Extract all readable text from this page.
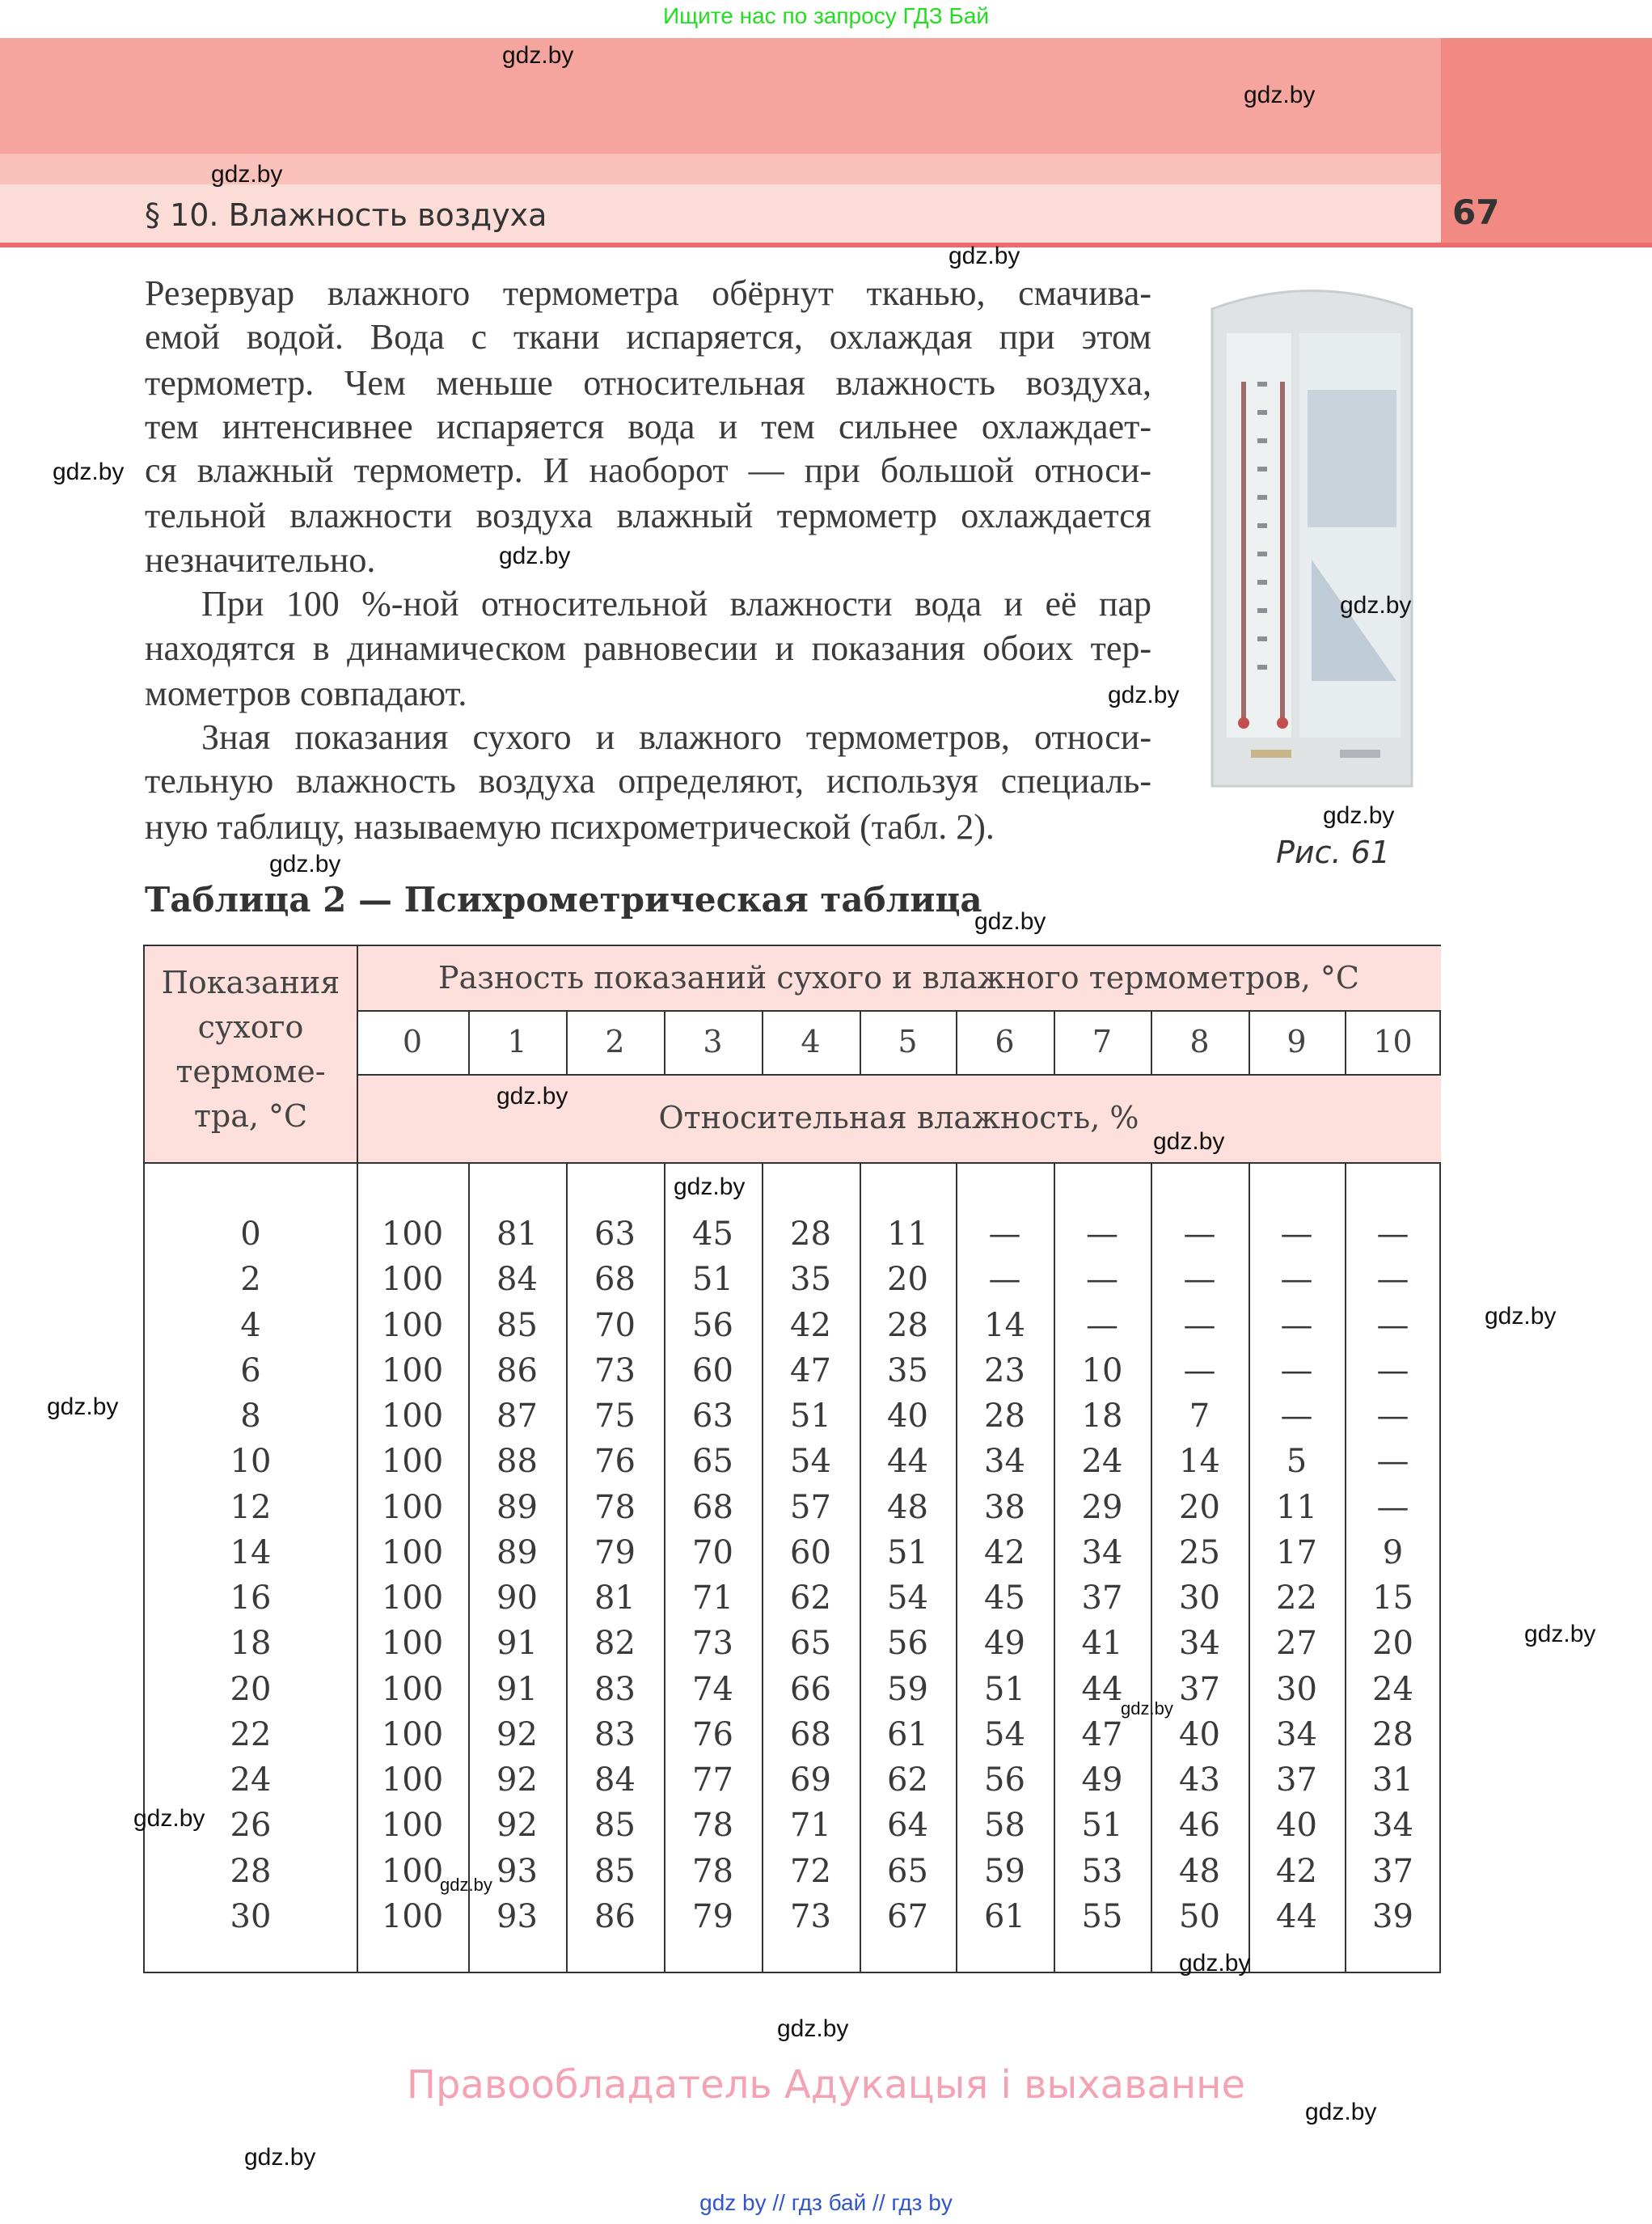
Ищите нас по запросу ГДЗ Бай
§ 10. Влажность воздуха	67
Резервуар влажного термометра обёрнут тканью, смачива-
емой водой. Вода с ткани испаряется, охлаждая при этом
термометр. Чем меньше относительная влажность воздуха,
тем интенсивнее испаряется вода и тем сильнее охлаждает-
ся влажный термометр. И наоборот — при большой относи-
тельной влажности воздуха влажный термометр охлаждается
незначительно.
При 100 %-ной относительной влажности вода и её пар
находятся в динамическом равновесии и показания обоих тер-
мометров совпадают.
Зная показания сухого и влажного термометров, относи-
тельную влажность воздуха определяют, используя специаль-
ную таблицу, называемую психрометрической (табл. 2).
Рис. 61
Таблица 2 — Психрометрическая таблица
Показания
сухого
термоме-
тра, °С
Разность показаний сухого и влажного термометров, °С
0	1	2	3	4	5	6	7	8	9	10
Относительная влажность, %
0	100	81	63	45	28	11	—	—	—	—	—
2	100	84	68	51	35	20	—	—	—	—	—
4	100	85	70	56	42	28	14	—	—	—	—
6	100	86	73	60	47	35	23	10	—	—	—
8	100	87	75	63	51	40	28	18	7	—	—
10	100	88	76	65	54	44	34	24	14	5	—
12	100	89	78	68	57	48	38	29	20	11	—
14	100	89	79	70	60	51	42	34	25	17	9
16	100	90	81	71	62	54	45	37	30	22	15
18	100	91	82	73	65	56	49	41	34	27	20
20	100	91	83	74	66	59	51	44	37	30	24
22	100	92	83	76	68	61	54	47	40	34	28
24	100	92	84	77	69	62	56	49	43	37	31
26	100	92	85	78	71	64	58	51	46	40	34
28	100	93	85	78	72	65	59	53	48	42	37
30	100	93	86	79	73	67	61	55	50	44	39
gdz.by
gdz.by
gdz.by
gdz.by
gdz.by
gdz.by
gdz.by
gdz.by
gdz.by
gdz.by
gdz.by
gdz.by
gdz.by
gdz.by
gdz.by
gdz.by
gdz.by
gdz.by
gdz.by
gdz.by
gdz.by
gdz.by
gdz.by
gdz.by
Правообладатель Адукацыя і выхаванне
gdz by // гдз бай // гдз by
